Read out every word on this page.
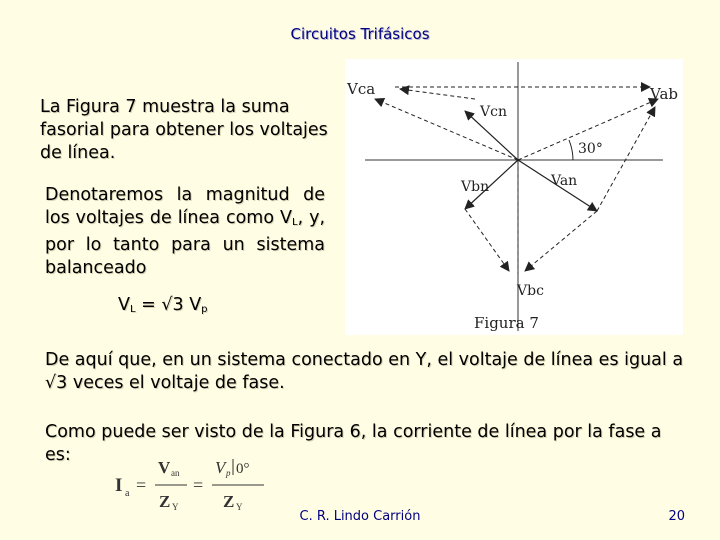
Circuitos Trifásicos
La Figura 7 muestra la suma fasorial para obtener los voltajes de línea.
Denotaremos la magnitud de los voltajes de línea como $V_L$, y, por lo tanto para un sistema balanceado
$V_L = √3$ $V_p$
Vca	Vab
Vcn
30°
Vbn	Van
Vbc
Figura 7
De aquí que, en un sistema conectado en Y, el voltaje de línea es igual a √3 veces el voltaje de fase.
Como puede ser visto de la Figura 6, la corriente de línea por la fase a es:
I a =
V an
Z Y
=
V p 0°
Z Y
C. R. Lindo Carrión	20
